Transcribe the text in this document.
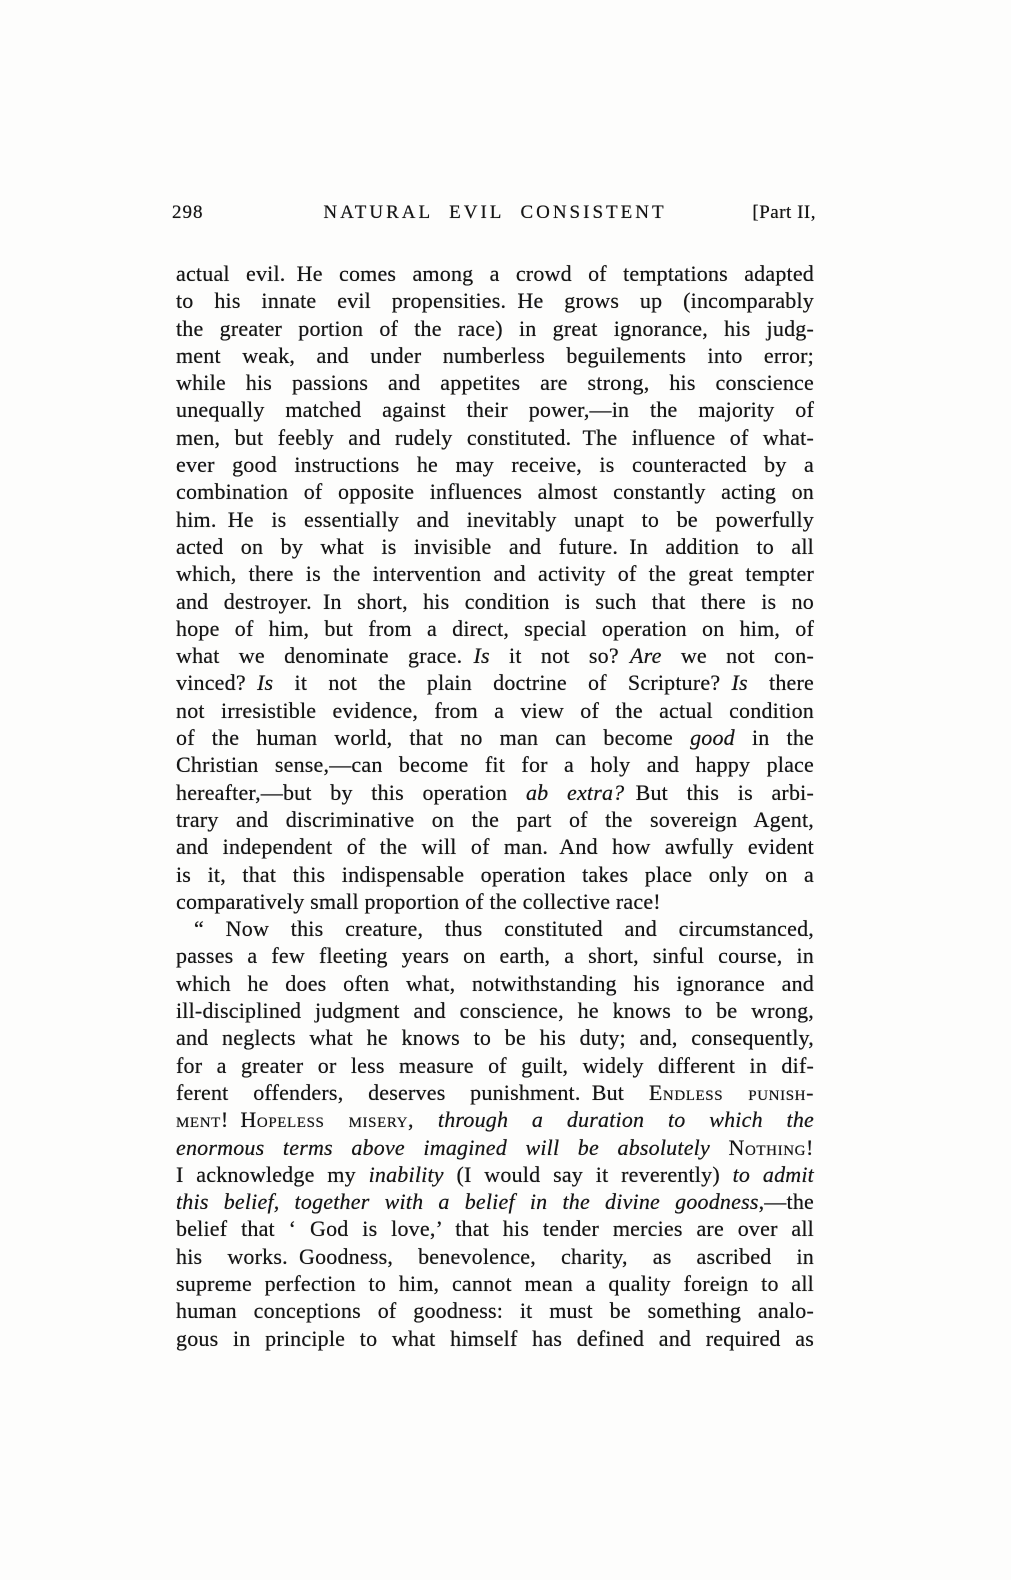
298	NATURAL EVIL CONSISTENT	[Part II,
actual evil. He comes among a crowd of temptations adapted
to his innate evil propensities. He grows up (incomparably
the greater portion of the race) in great ignorance, his judg-
ment weak, and under numberless beguilements into error;
while his passions and appetites are strong, his conscience
unequally matched against their power,—in the majority of
men, but feebly and rudely constituted. The influence of what-
ever good instructions he may receive, is counteracted by a
combination of opposite influences almost constantly acting on
him. He is essentially and inevitably unapt to be powerfully
acted on by what is invisible and future. In addition to all
which, there is the intervention and activity of the great tempter
and destroyer. In short, his condition is such that there is no
hope of him, but from a direct, special operation on him, of
what we denominate grace. Is it not so? Are we not con-
vinced? Is it not the plain doctrine of Scripture? Is there
not irresistible evidence, from a view of the actual condition
of the human world, that no man can become good in the
Christian sense,—can become fit for a holy and happy place
hereafter,—but by this operation ab extra? But this is arbi-
trary and discriminative on the part of the sovereign Agent,
and independent of the will of man. And how awfully evident
is it, that this indispensable operation takes place only on a
comparatively small proportion of the collective race!
“ Now this creature, thus constituted and circumstanced,
passes a few fleeting years on earth, a short, sinful course, in
which he does often what, notwithstanding his ignorance and
ill-disciplined judgment and conscience, he knows to be wrong,
and neglects what he knows to be his duty; and, consequently,
for a greater or less measure of guilt, widely different in dif-
ferent offenders, deserves punishment. But Endless punish-
ment! Hopeless misery, through a duration to which the
enormous terms above imagined will be absolutely Nothing!
I acknowledge my inability (I would say it reverently) to admit
this belief, together with a belief in the divine goodness,—the
belief that ‘ God is love,’ that his tender mercies are over all
his works. Goodness, benevolence, charity, as ascribed in
supreme perfection to him, cannot mean a quality foreign to all
human conceptions of goodness: it must be something analo-
gous in principle to what himself has defined and required as
